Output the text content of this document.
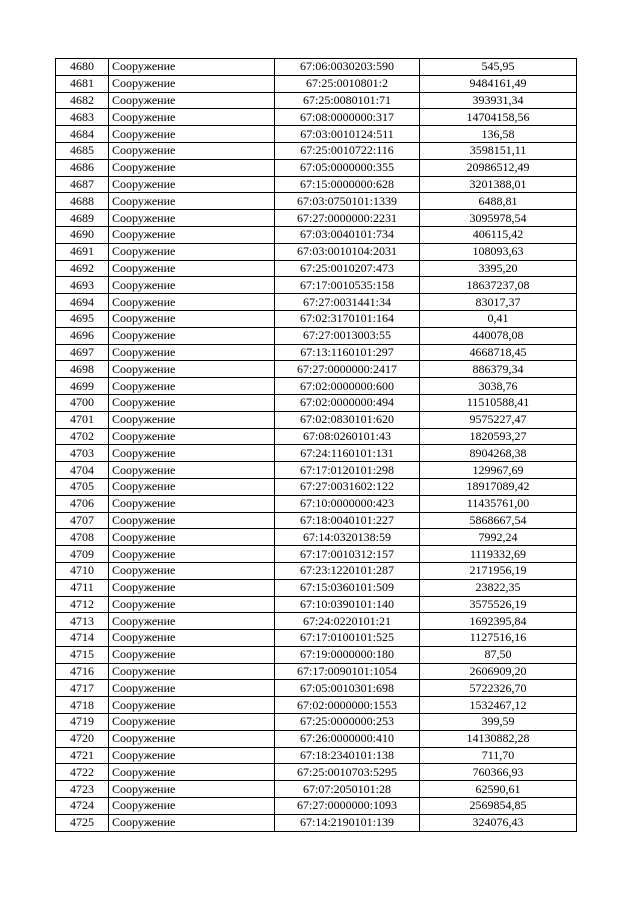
4680	Сооружение	67:06:0030203:590	545,95
4681	Сооружение	67:25:0010801:2	9484161,49
4682	Сооружение	67:25:0080101:71	393931,34
4683	Сооружение	67:08:0000000:317	14704158,56
4684	Сооружение	67:03:0010124:511	136,58
4685	Сооружение	67:25:0010722:116	3598151,11
4686	Сооружение	67:05:0000000:355	20986512,49
4687	Сооружение	67:15:0000000:628	3201388,01
4688	Сооружение	67:03:0750101:1339	6488,81
4689	Сооружение	67:27:0000000:2231	3095978,54
4690	Сооружение	67:03:0040101:734	406115,42
4691	Сооружение	67:03:0010104:2031	108093,63
4692	Сооружение	67:25:0010207:473	3395,20
4693	Сооружение	67:17:0010535:158	18637237,08
4694	Сооружение	67:27:0031441:34	83017,37
4695	Сооружение	67:02:3170101:164	0,41
4696	Сооружение	67:27:0013003:55	440078,08
4697	Сооружение	67:13:1160101:297	4668718,45
4698	Сооружение	67:27:0000000:2417	886379,34
4699	Сооружение	67:02:0000000:600	3038,76
4700	Сооружение	67:02:0000000:494	11510588,41
4701	Сооружение	67:02:0830101:620	9575227,47
4702	Сооружение	67:08:0260101:43	1820593,27
4703	Сооружение	67:24:1160101:131	8904268,38
4704	Сооружение	67:17:0120101:298	129967,69
4705	Сооружение	67:27:0031602:122	18917089,42
4706	Сооружение	67:10:0000000:423	11435761,00
4707	Сооружение	67:18:0040101:227	5868667,54
4708	Сооружение	67:14:0320138:59	7992,24
4709	Сооружение	67:17:0010312:157	1119332,69
4710	Сооружение	67:23:1220101:287	2171956,19
4711	Сооружение	67:15:0360101:509	23822,35
4712	Сооружение	67:10:0390101:140	3575526,19
4713	Сооружение	67:24:0220101:21	1692395,84
4714	Сооружение	67:17:0100101:525	1127516,16
4715	Сооружение	67:19:0000000:180	87,50
4716	Сооружение	67:17:0090101:1054	2606909,20
4717	Сооружение	67:05:0010301:698	5722326,70
4718	Сооружение	67:02:0000000:1553	1532467,12
4719	Сооружение	67:25:0000000:253	399,59
4720	Сооружение	67:26:0000000:410	14130882,28
4721	Сооружение	67:18:2340101:138	711,70
4722	Сооружение	67:25:0010703:5295	760366,93
4723	Сооружение	67:07:2050101:28	62590,61
4724	Сооружение	67:27:0000000:1093	2569854,85
4725	Сооружение	67:14:2190101:139	324076,43
